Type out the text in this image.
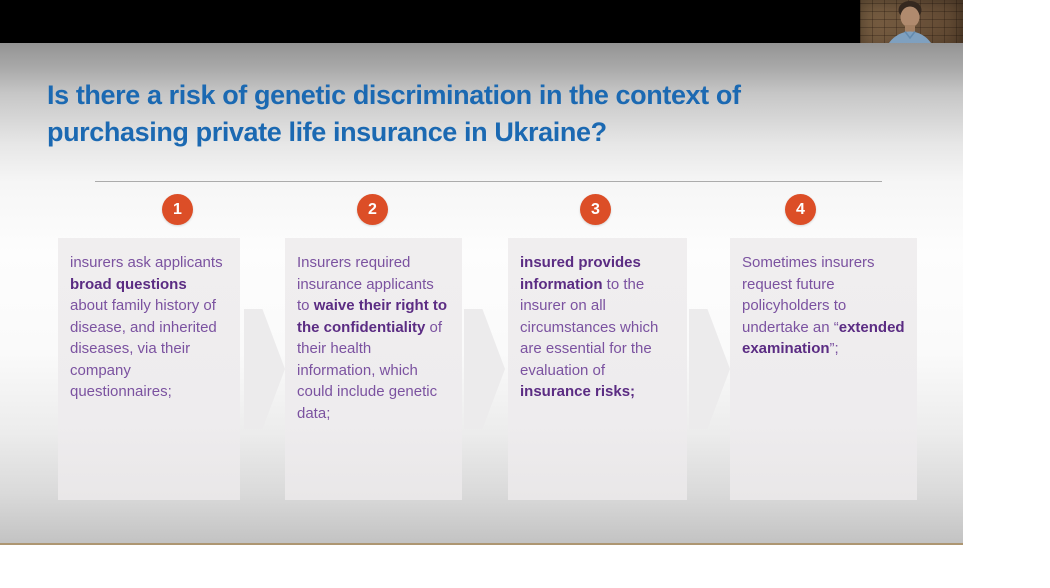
Is there a risk of genetic discrimination in the context of
purchasing private life insurance in Ukraine?
1	2	3	4
insurers ask applicants broad questions about family history of disease, and inherited diseases, via their company questionnaires;
Insurers required insurance applicants to waive their right to the confidentiality of their health information, which could include genetic data;
insured provides information to the insurer on all circumstances which are essential for the evaluation of insurance risks;
Sometimes insurers request future policyholders to undertake an “extended examination”;
